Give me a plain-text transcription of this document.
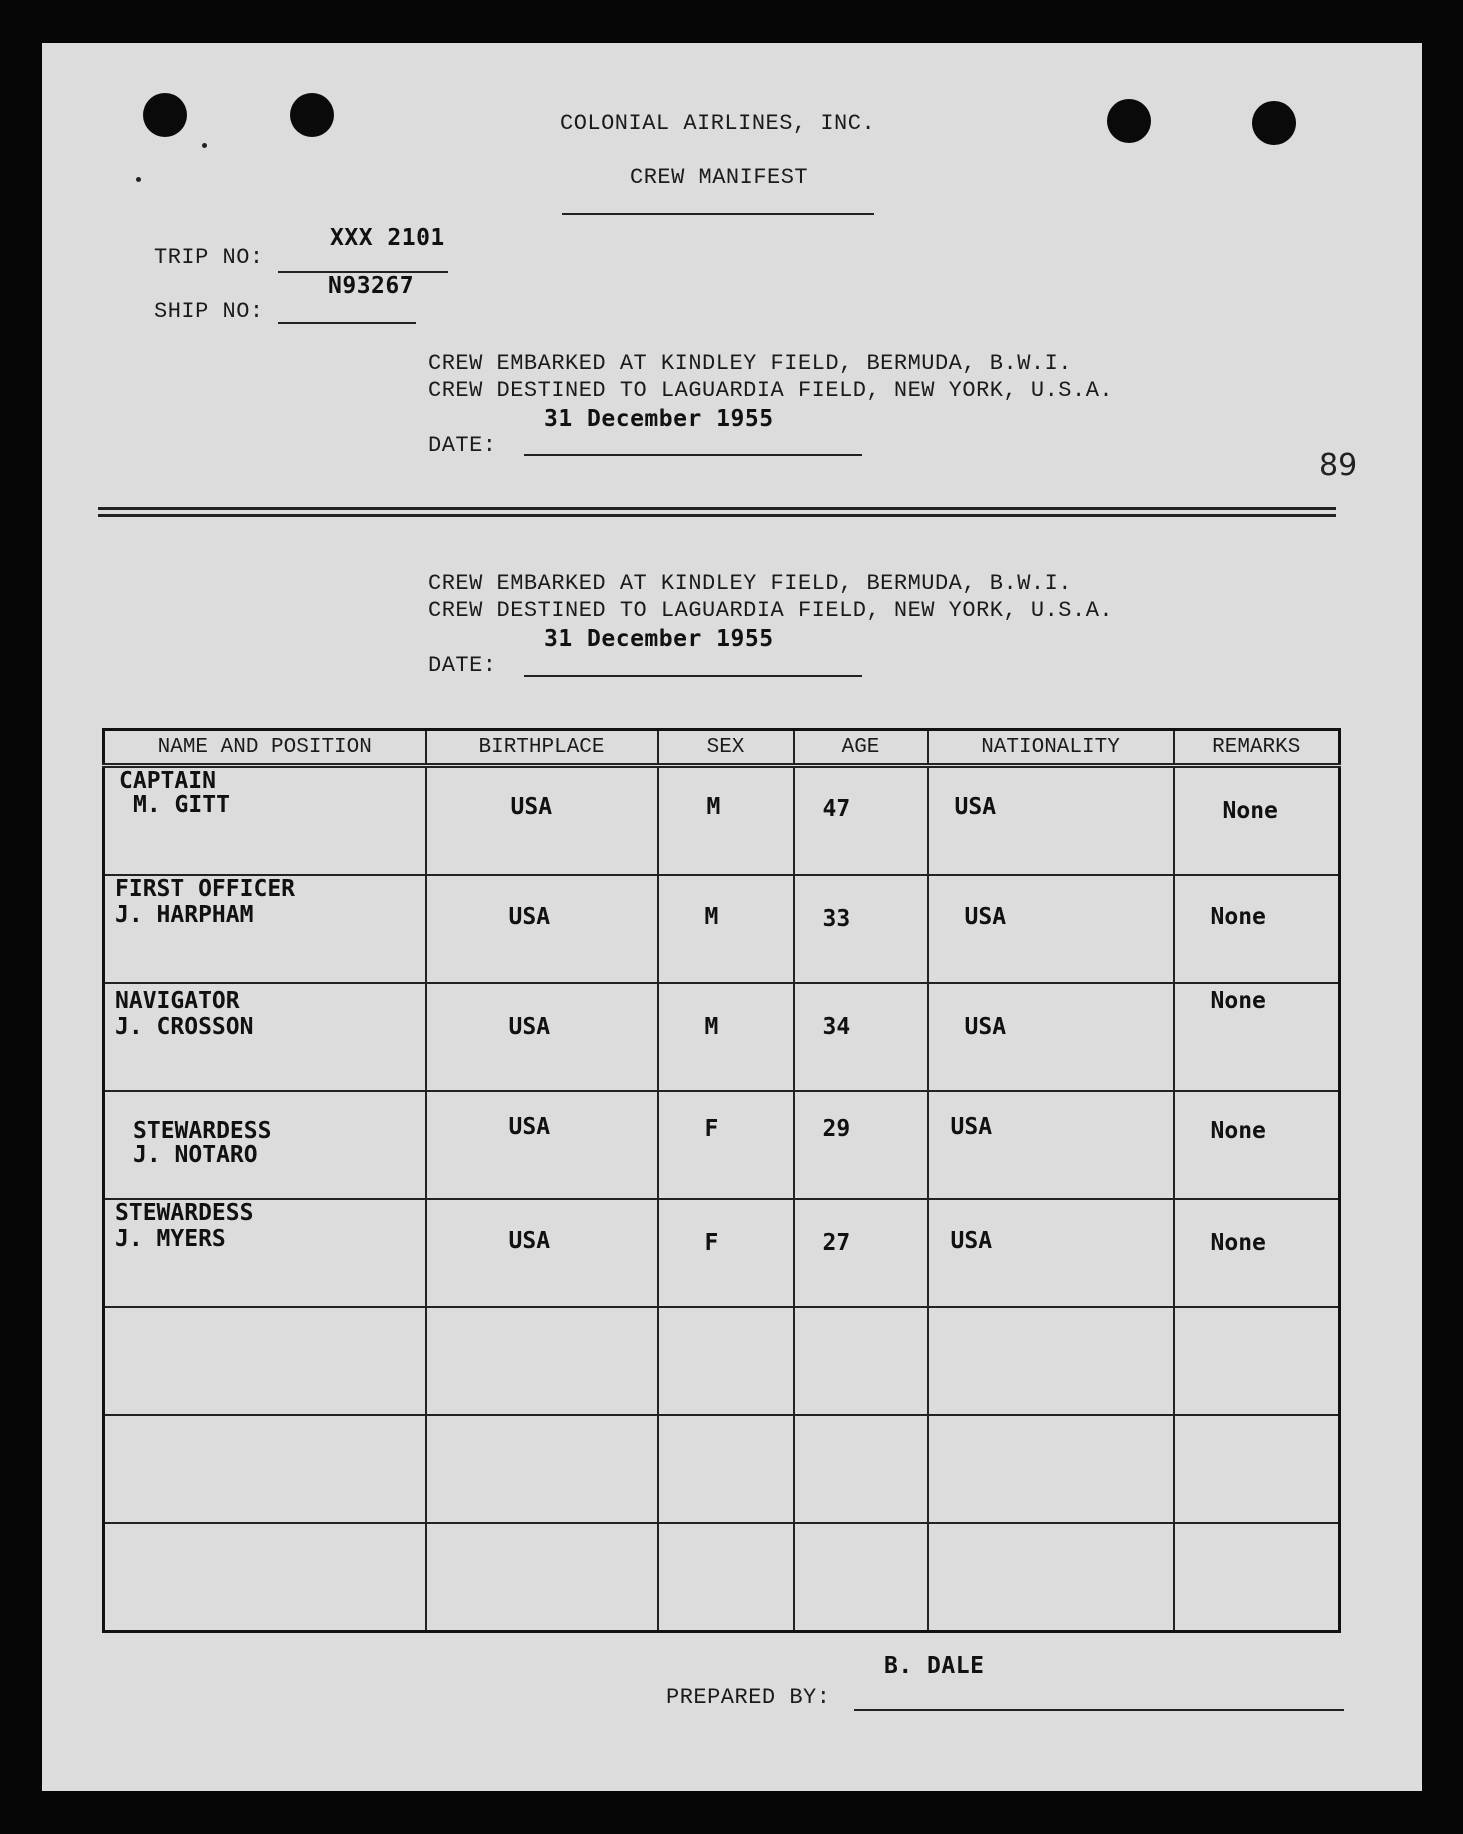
COLONIAL AIRLINES, INC.
CREW MANIFEST
TRIP NO:
XXX 2101
N93267
SHIP NO:
CREW EMBARKED AT KINDLEY FIELD, BERMUDA, B.W.I.
CREW DESTINED TO LAGUARDIA FIELD, NEW YORK, U.S.A.
31 December 1955
DATE:
89
CREW EMBARKED AT KINDLEY FIELD, BERMUDA, B.W.I.
CREW DESTINED TO LAGUARDIA FIELD, NEW YORK, U.S.A.
31 December 1955
DATE:
B. DALE
PREPARED BY:
NAME AND POSITION	BIRTHPLACE	SEX	AGE	NATIONALITY	REMARKS

CAPTAIN
M. GITT	USA	M	47	USA	None

FIRST OFFICER
J. HARPHAM	USA	M	33	USA	None

NAVIGATOR
J. CROSSON	USA	M	34	USA	None

STEWARDESS
J. NOTARO	USA	F	29	USA	None

STEWARDESS
J. MYERS	USA	F	27	USA	None
